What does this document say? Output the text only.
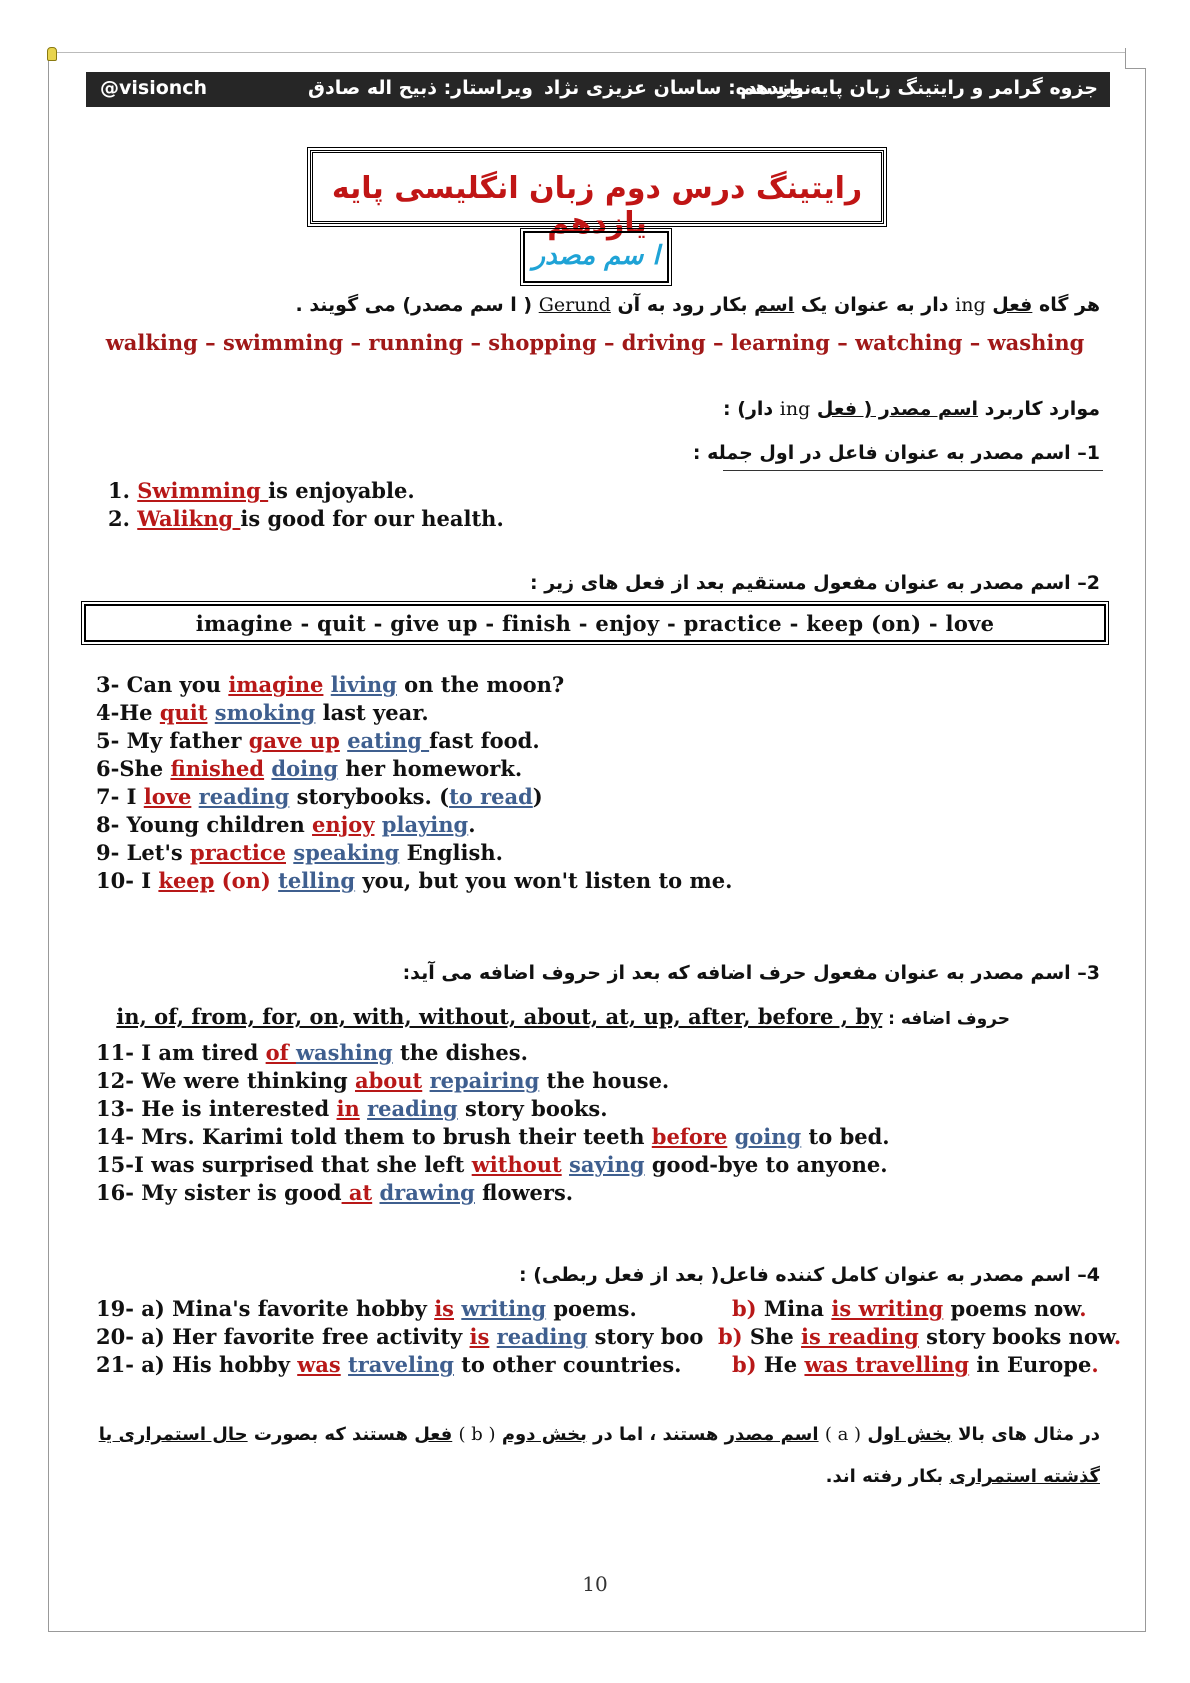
جزوه گرامر و رایتینگ زبان پایه یازدهم
نویسنده: ساسان عزیزی نژاد
ویراستار: ذبیح اله صادق
@visionch
رایتینگ درس دوم زبان انگلیسی پایه یازدهم
ا سم مصدر
هر گاه فعل ing دار به عنوان یک اسم بکار رود به آن Gerund ( ا سم مصدر) می گویند .
walking – swimming – running – shopping – driving – learning – watching – washing
موارد کاربرد اسم مصدر ( فعل ing دار) :
1– اسم مصدر به عنوان فاعل در اول جمله :
1. Swimming is enjoyable.
2. Walikng is good for our health.
2– اسم مصدر به عنوان مفعول مستقیم بعد از فعل های زیر :
imagine - quit - give up - finish - enjoy - practice - keep (on) - love
3- Can you imagine living on the moon?
4-He quit smoking last year.
5- My father gave up eating fast food.
6-She finished doing her homework.
7- I love reading storybooks. (to read)
8- Young children enjoy playing.
9- Let's practice speaking English.
10- I keep (on) telling you, but you won't listen to me.
3– اسم مصدر به عنوان مفعول حرف اضافه که بعد از حروف اضافه می آید:
حروف اضافه : in, of, from, for, on, with, without, about, at, up, after, before , by
11- I am tired of washing the dishes.
12- We were thinking about repairing the house.
13- He is interested in reading story books.
14- Mrs. Karimi told them to brush their teeth before going to bed.
15-I was surprised that she left without saying good-bye to anyone.
16- My sister is good at drawing flowers.
4– اسم مصدر به عنوان کامل کننده فاعل( بعد از فعل ربطی) :
19- a) Mina's favorite hobby is writing poems.	b) Mina is writing poems now.
20- a) Her favorite free activity is reading story boo b) She is reading story books now.
21- a) His hobby was traveling to other countries. b) He was travelling in Europe.
در مثال های بالا بخش اول ( a ) اسم مصدر هستند ، اما در بخش دوم ( b ) فعل هستند که بصورت حال استمراری یا
گذشته استمراری بکار رفته اند.
10
